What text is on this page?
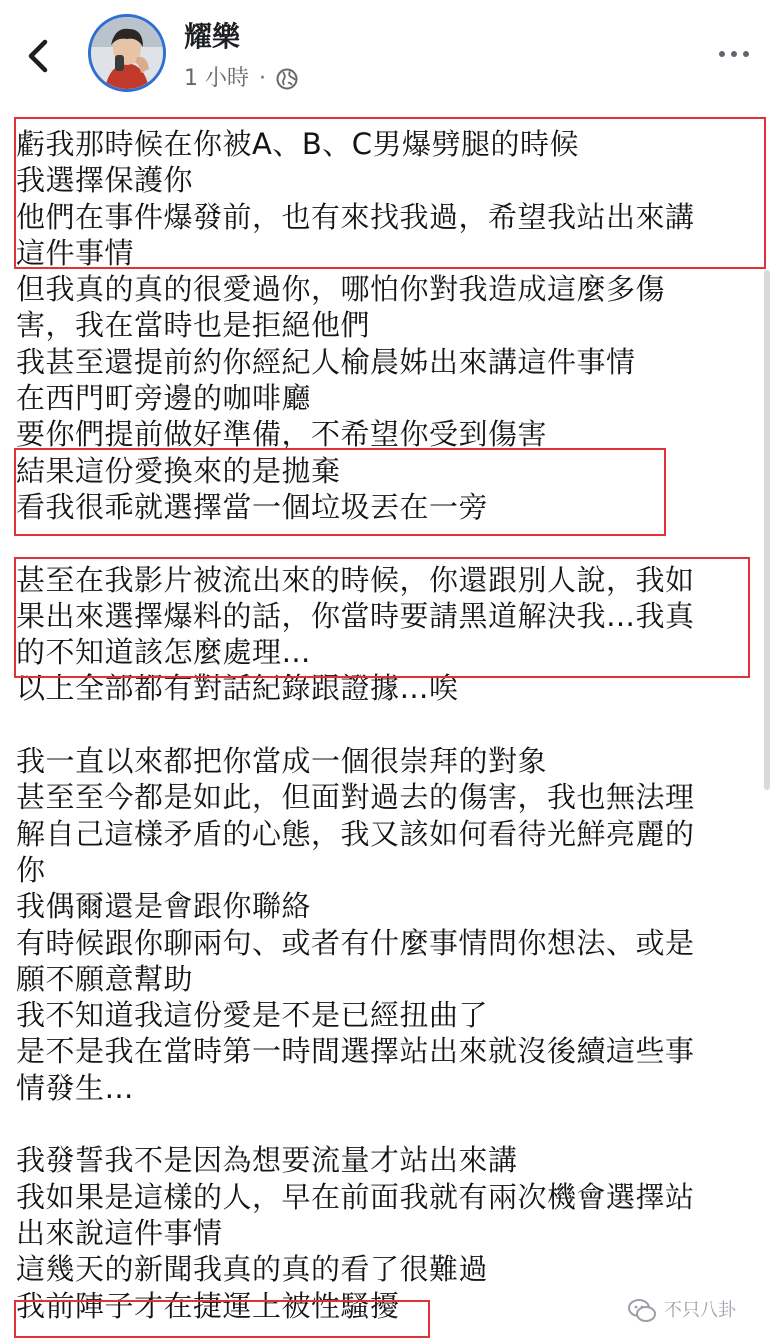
耀樂
1 小時 ·
虧我那時候在你被A、B、C男爆劈腿的時候
我選擇保護你
他們在事件爆發前，也有來找我過，希望我站出來講
這件事情
但我真的真的很愛過你，哪怕你對我造成這麼多傷
害，我在當時也是拒絕他們
我甚至還提前約你經紀人榆晨姊出來講這件事情
在西門町旁邊的咖啡廳
要你們提前做好準備，不希望你受到傷害
結果這份愛換來的是拋棄
看我很乖就選擇當一個垃圾丟在一旁
甚至在我影片被流出來的時候，你還跟別人說，我如
果出來選擇爆料的話，你當時要請黑道解決我…我真
的不知道該怎麼處理…
以上全部都有對話紀錄跟證據…唉
我一直以來都把你當成一個很崇拜的對象
甚至至今都是如此，但面對過去的傷害，我也無法理
解自己這樣矛盾的心態，我又該如何看待光鮮亮麗的
你
我偶爾還是會跟你聯絡
有時候跟你聊兩句、或者有什麼事情問你想法、或是
願不願意幫助
我不知道我這份愛是不是已經扭曲了
是不是我在當時第一時間選擇站出來就沒後續這些事
情發生…
我發誓我不是因為想要流量才站出來講
我如果是這樣的人，早在前面我就有兩次機會選擇站
出來說這件事情
這幾天的新聞我真的真的看了很難過
我前陣子才在捷運上被性騷擾	不只八卦
